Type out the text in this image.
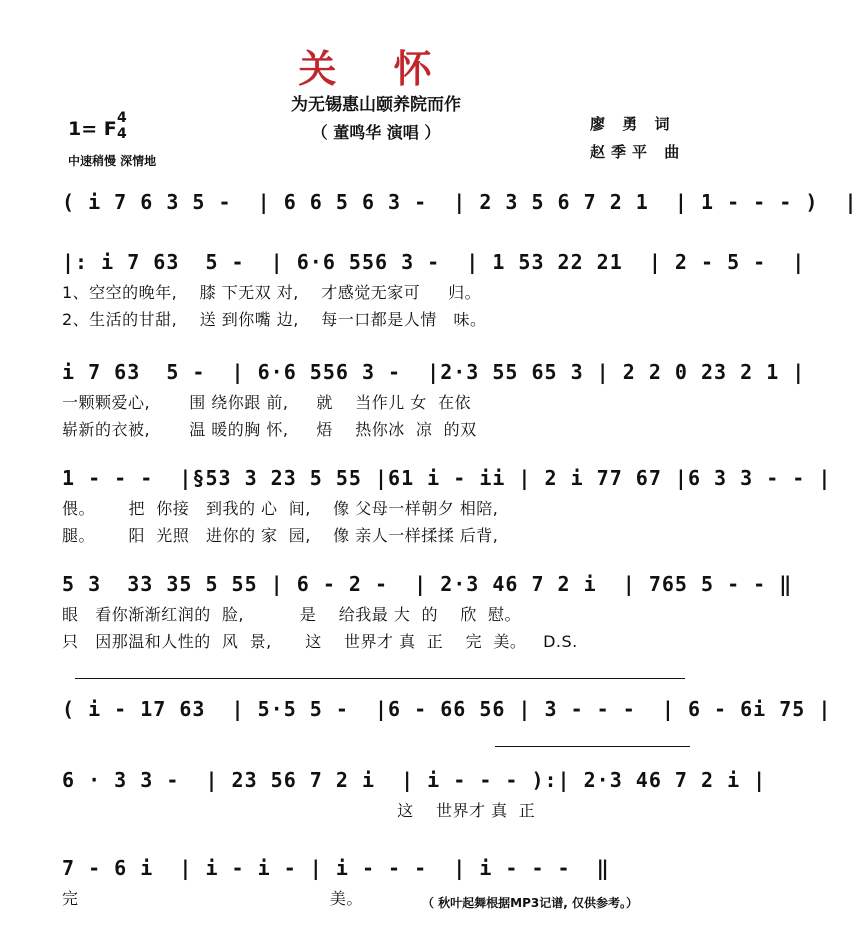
关 怀
为无锡惠山颐养院而作
（ 董鸣华 演唱 ）
1= F 4
4
中速稍慢 深情地
廖 勇 词
赵季平 曲
( i 7 6 3 5 -  | 6 6 5 6 3 -  | 2 3 5 6 7 2 1  | 1 - - - )  |
|: i 7 63  5 -  | 6·6 556 3 -  | 1 53 22 21  | 2 - 5 -  |
1、空空的晚年,    膝 下无双 对,    才感觉无家可     归。
2、生活的甘甜,    送 到你嘴 边,    每一口都是人情   味。
i 7 63  5 -  | 6·6 556 3 -  |2·3 55 65 3 | 2 2 0 23 2 1 |
一颗颗爱心,       围 绕你跟 前,     就    当作儿 女  在依
崭新的衣被,       温 暖的胸 怀,     焐    热你冰  凉  的双
1 - - -  |§53 3 23 5 55 |61 i - ii | 2 i 77 67 |6 3 3 - - |
偎。      把  你接   到我的 心  间,    像 父母一样朝夕 相陪,
腿。      阳  光照   进你的 家  园,    像 亲人一样揉揉 后背,
5 3  33 35 5 55 | 6 - 2 -  | 2·3 46 7 2 i  | 765 5 - - ‖
眼   看你渐渐红润的  脸,          是    给我最 大  的    欣  慰。
只   因那温和人性的  风  景,      这    世界才 真  正    完  美。   D.S.
( i - 17 63  | 5·5 5 -  |6 - 66 56 | 3 - - -  | 6 - 6i 75 |
6 · 3 3 -  | 23 56 7 2 i  | i - - - ):| 2·3 46 7 2 i |
这    世界才 真  正
7 - 6 i  | i - i - | i - - -  | i - - -  ‖
完                                             美。	（ 秋叶起舞根据MP3记谱, 仅供参考。）
